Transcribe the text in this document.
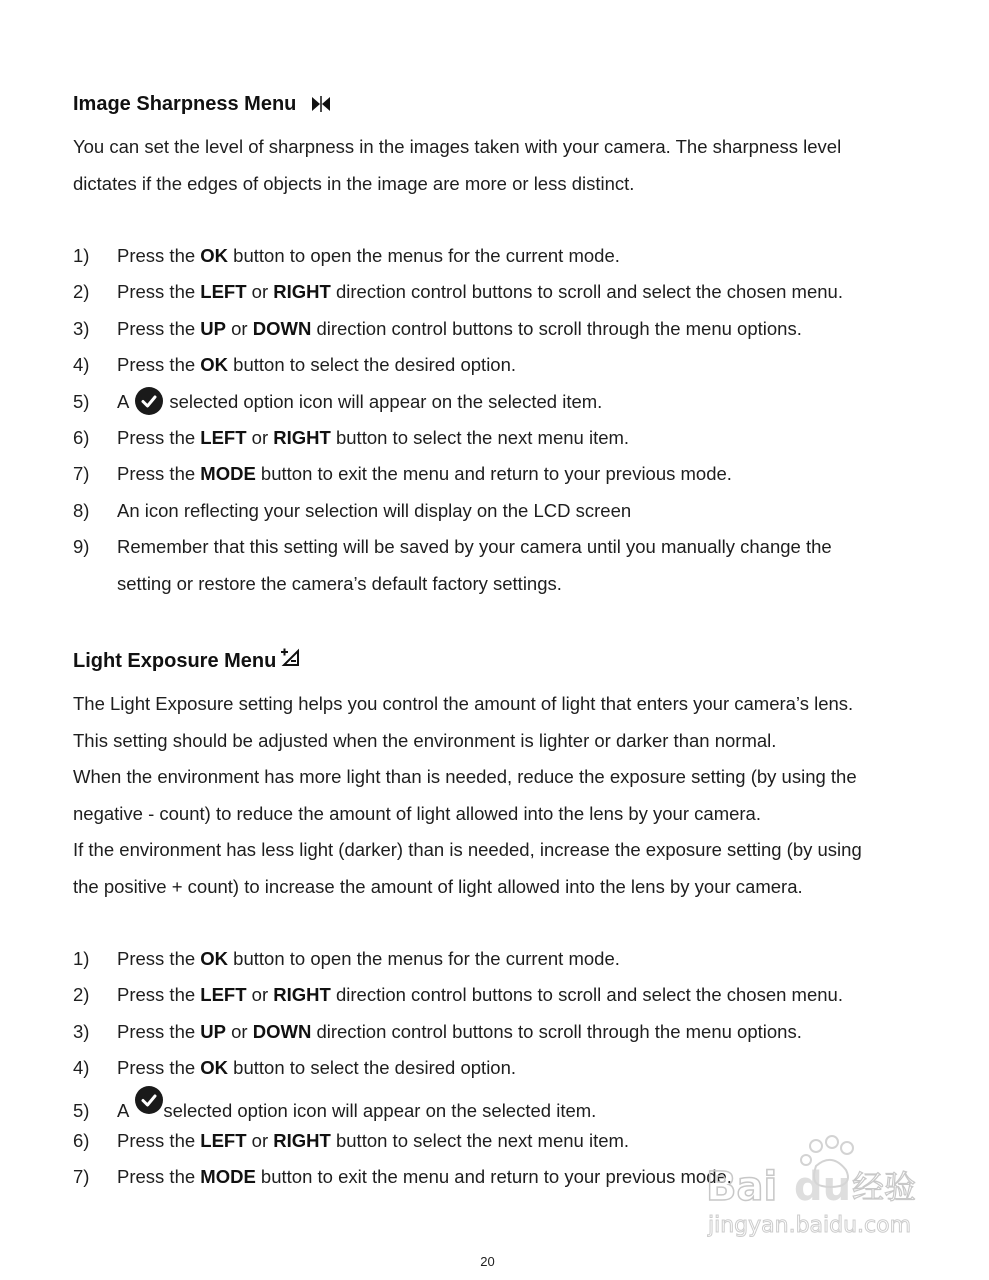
Image Sharpness Menu

You can set the level of sharpness in the images taken with your camera. The sharpness level

dictates if the edges of objects in the image are more or less distinct.

1) Press the OK button to open the menus for the current mode.
2) Press the LEFT or RIGHT direction control buttons to scroll and select the chosen menu.
3) Press the UP or DOWN direction control buttons to scroll through the menu options.
4) Press the OK button to select the desired option.
5) A selected option icon will appear on the selected item.
6) Press the LEFT or RIGHT button to select the next menu item.
7) Press the MODE button to exit the menu and return to your previous mode.
8) An icon reflecting your selection will display on the LCD screen
9) Remember that this setting will be saved by your camera until you manually change the
setting or restore the camera’s default factory settings.
Light Exposure Menu

The Light Exposure setting helps you control the amount of light that enters your camera’s lens.

This setting should be adjusted when the environment is lighter or darker than normal.

When the environment has more light than is needed, reduce the exposure setting (by using the

negative - count) to reduce the amount of light allowed into the lens by your camera.

If the environment has less light (darker) than is needed, increase the exposure setting (by using

the positive + count) to increase the amount of light allowed into the lens by your camera.

1) Press the OK button to open the menus for the current mode.
2) Press the LEFT or RIGHT direction control buttons to scroll and select the chosen menu.
3) Press the UP or DOWN direction control buttons to scroll through the menu options.
4) Press the OK button to select the desired option.
5) A selected option icon will appear on the selected item.
6) Press the LEFT or RIGHT button to select the next menu item.
7) Press the MODE button to exit the menu and return to your previous mode.
Bai du 经验
jingyan.baidu.com
20
